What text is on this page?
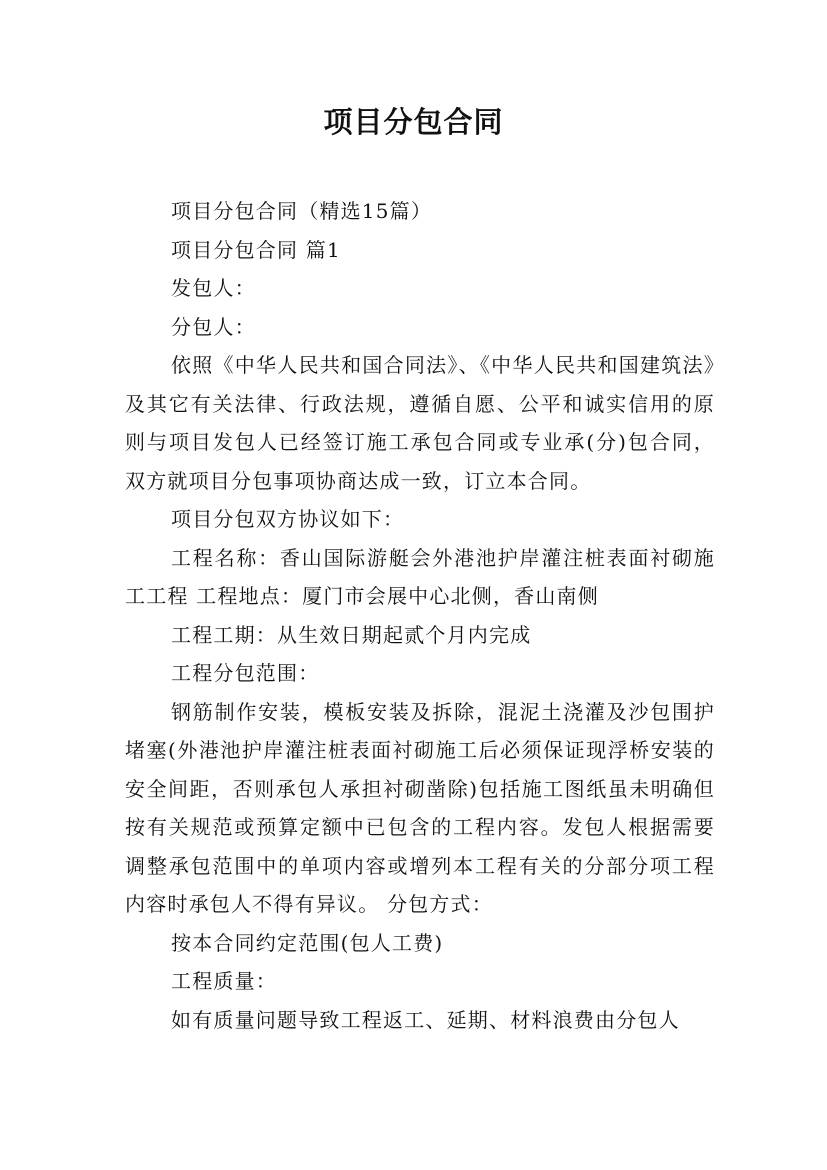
项目分包合同

项目分包合同（精选15篇）

项目分包合同 篇1

发包人：

分包人：

依照《中华人民共和国合同法》、《中华人民共和国建筑法》及其它有关法律、行政法规，遵循自愿、公平和诚实信用的原则与项目发包人已经签订施工承包合同或专业承(分)包合同，双方就项目分包事项协商达成一致，订立本合同。

项目分包双方协议如下：

工程名称：香山国际游艇会外港池护岸灌注桩表面衬砌施工工程 工程地点：厦门市会展中心北侧，香山南侧

工程工期：从生效日期起贰个月内完成

工程分包范围：

钢筋制作安装，模板安装及拆除，混泥土浇灌及沙包围护堵塞(外港池护岸灌注桩表面衬砌施工后必须保证现浮桥安装的安全间距，否则承包人承担衬砌凿除)包括施工图纸虽未明确但按有关规范或预算定额中已包含的工程内容。发包人根据需要调整承包范围中的单项内容或增列本工程有关的分部分项工程内容时承包人不得有异议。 分包方式：

按本合同约定范围(包人工费)

工程质量：

如有质量问题导致工程返工、延期、材料浪费由分包人
